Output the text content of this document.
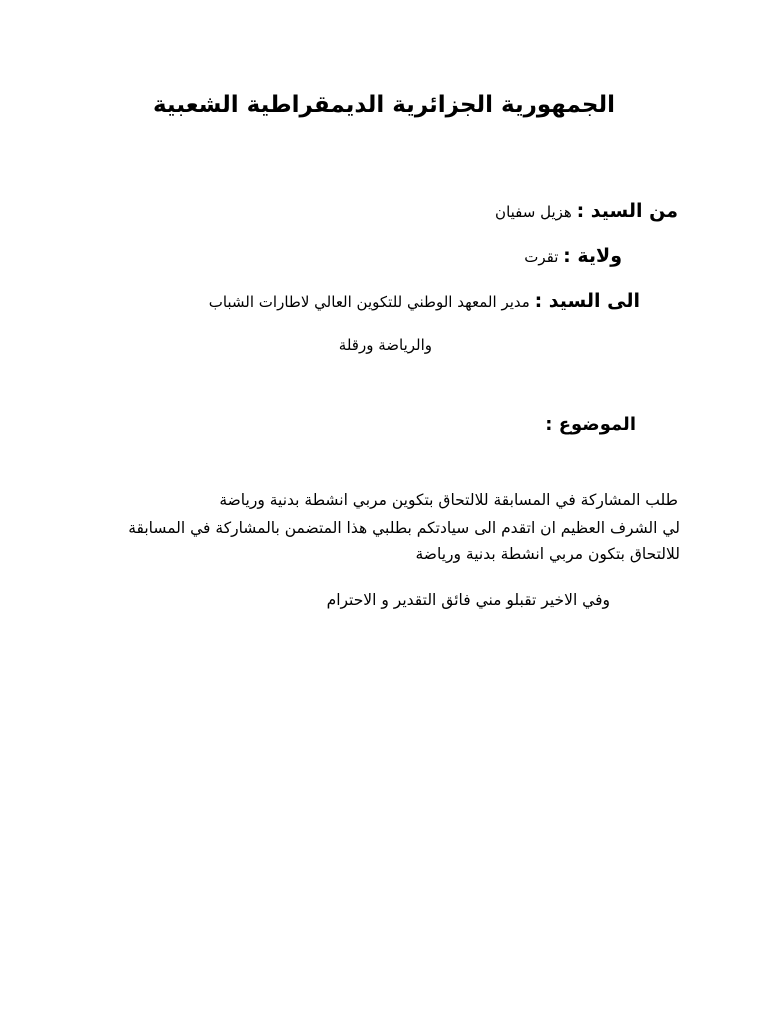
الجمهورية الجزائرية الديمقراطية الشعبية
من السيد : هزيل سفيان
ولاية : تقرت
الى السيد : مدير المعهد الوطني للتكوين العالي لاطارات الشباب
والرياضة ورقلة
الموضوع :
طلب المشاركة في المسابقة للالتحاق بتكوين مربي انشطة بدنية ورياضة
لي الشرف العظيم ان اتقدم الى سيادتكم بطلبي هذا المتضمن بالمشاركة في المسابقة
للالتحاق بتكون مربي انشطة بدنية ورياضة
وفي الاخير تقبلو مني فائق التقدير و الاحترام
